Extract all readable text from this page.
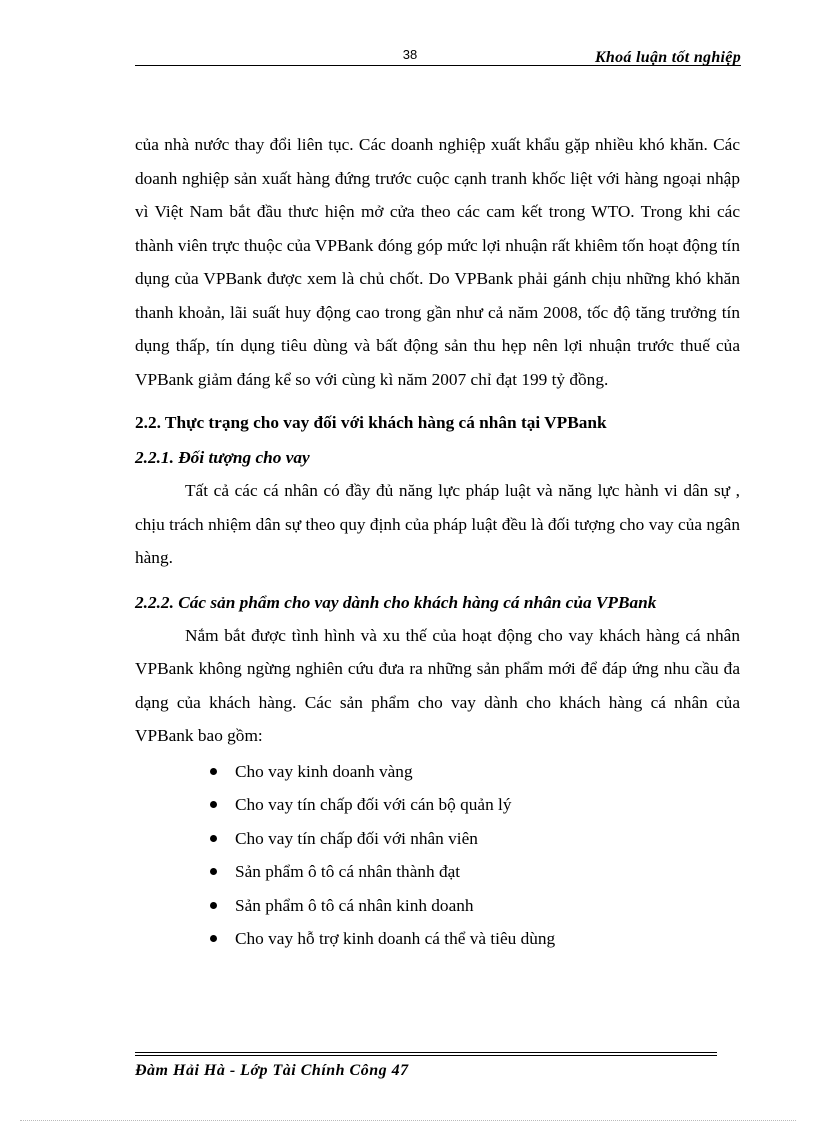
38	Khoá luận tốt nghiệp

của nhà nước thay đổi liên tục. Các doanh nghiệp xuất khẩu gặp nhiều khó khăn. Các doanh nghiệp sản xuất hàng đứng trước cuộc cạnh tranh khốc liệt với hàng ngoại nhập vì Việt Nam bắt đầu thưc hiện mở cửa theo các cam kết trong WTO. Trong khi các thành viên trực thuộc của VPBank đóng góp mức lợi nhuận rất khiêm tốn hoạt động tín dụng của VPBank được xem là chủ chốt. Do VPBank phải gánh chịu những khó khăn thanh khoản, lãi suất huy động cao trong gần như cả năm 2008, tốc độ tăng trưởng tín dụng thấp, tín dụng tiêu dùng và bất động sản thu hẹp nên lợi nhuận trước thuế của VPBank giảm đáng kể so với cùng kì năm 2007 chỉ đạt 199 tỷ đồng.

2.2. Thực trạng cho vay đối với khách hàng cá nhân tại VPBank
2.2.1. Đối tượng cho vay

Tất cả các cá nhân có đầy đủ năng lực pháp luật và năng lực hành vi dân sự , chịu trách nhiệm dân sự theo quy định của pháp luật đều là đối tượng cho vay của ngân hàng.

2.2.2. Các sản phẩm cho vay dành cho khách hàng cá nhân của VPBank

Nắm bắt được tình hình và xu thế của hoạt động cho vay khách hàng cá nhân VPBank không ngừng nghiên cứu đưa ra những sản phẩm mới để đáp ứng nhu cầu đa dạng của khách hàng. Các sản phẩm cho vay dành cho khách hàng cá nhân của VPBank bao gồm:

Cho vay kinh doanh vàng
Cho vay tín chấp đối với cán bộ quản lý
Cho vay tín chấp đối với nhân viên
Sản phẩm ô tô cá nhân thành đạt
Sản phẩm ô tô cá nhân kinh doanh
Cho vay hỗ trợ kinh doanh cá thể và tiêu dùng
Đàm Hải Hà - Lớp Tài Chính Công 47
